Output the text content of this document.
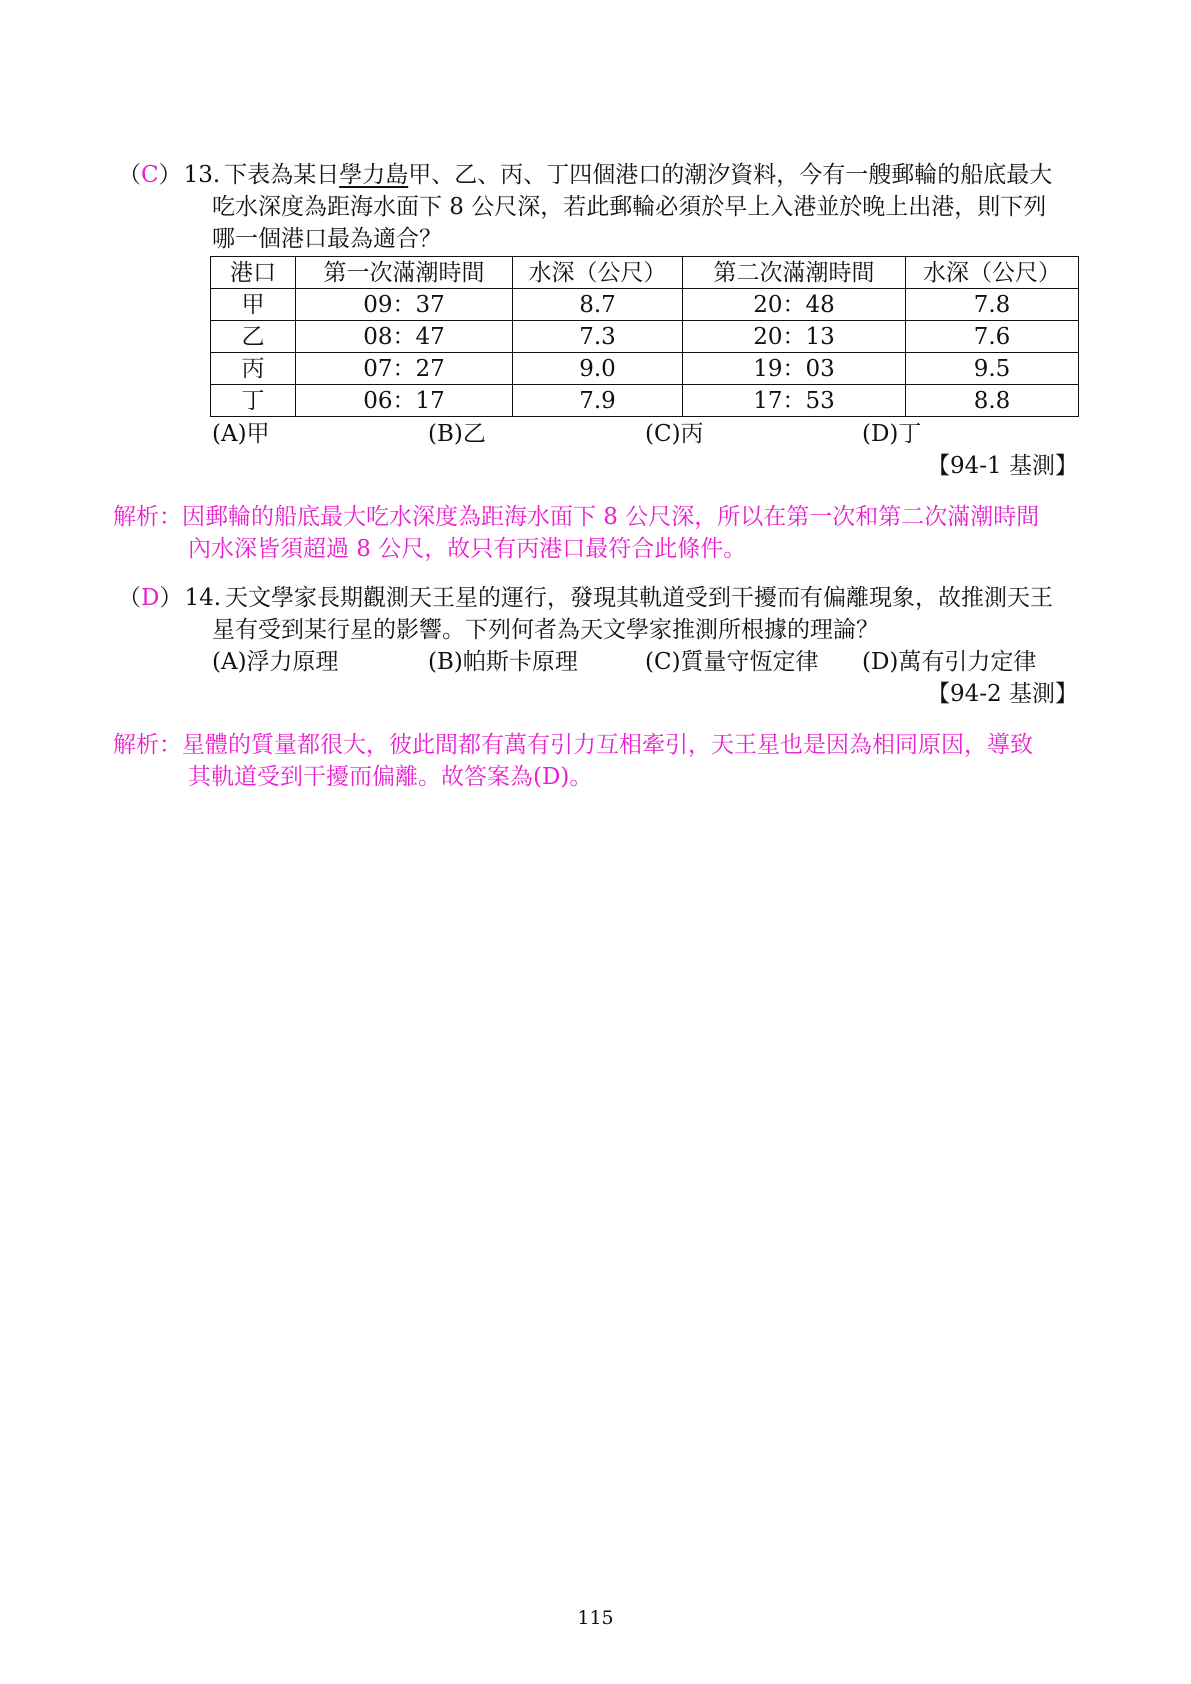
（C）13. 下表為某日學力島甲、乙、丙、丁四個港口的潮汐資料，今有一艘郵輪的船底最大
吃水深度為距海水面下 8 公尺深，若此郵輪必須於早上入港並於晚上出港，則下列
哪一個港口最為適合？
港口	第一次滿潮時間	水深（公尺）	第二次滿潮時間	水深（公尺）
甲	09：37	8.7	20：48	7.8
乙	08：47	7.3	20：13	7.6
丙	07：27	9.0	19：03	9.5
丁	06：17	7.9	17：53	8.8
(A)甲	(B)乙	(C)丙	(D)丁
【94-1 基測】
解析：因郵輪的船底最大吃水深度為距海水面下 8 公尺深，所以在第一次和第二次滿潮時間
內水深皆須超過 8 公尺，故只有丙港口最符合此條件。
（D）14. 天文學家長期觀測天王星的運行，發現其軌道受到干擾而有偏離現象，故推測天王
星有受到某行星的影響。下列何者為天文學家推測所根據的理論？
(A)浮力原理	(B)帕斯卡原理	(C)質量守恆定律 (D)萬有引力定律
【94-2 基測】
解析：星體的質量都很大，彼此間都有萬有引力互相牽引，天王星也是因為相同原因，導致
其軌道受到干擾而偏離。故答案為(D)。
115
